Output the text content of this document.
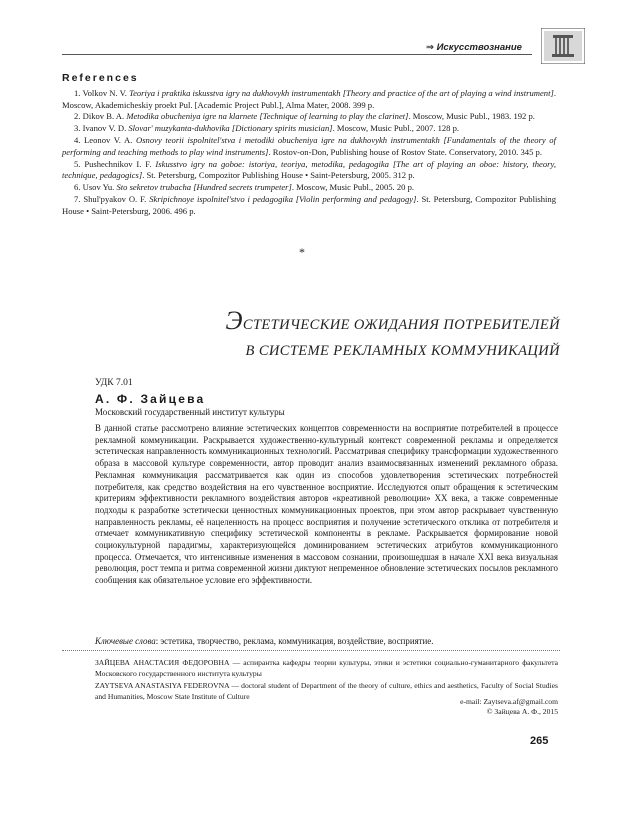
⇒ Искусствознание
References

1. Volkov N. V. Teoriya i praktika iskusstva igry na dukhovykh instrumentakh [Theory and practice of the art of playing a wind instrument]. Moscow, Akademicheskiy proekt Pul. [Academic Project Publ.], Alma Mater, 2008. 399 p.

2. Dikov B. A. Metodika obucheniya igre na klarnete [Technique of learning to play the clarinet]. Moscow, Music Publ., 1983. 192 p.

3. Ivanov V. D. Slovar' muzykanta-dukhovika [Dictionary spirits musician]. Moscow, Music Publ., 2007. 128 p.

4. Leonov V. A. Osnovy teorii ispolnitel'stva i metodiki obucheniya igre na dukhovykh instrumentakh [Fundamentals of the theory of performing and teaching methods to play wind instruments]. Rostov-on-Don, Publishing house of Rostov State. Conservatory, 2010. 345 p.

5. Pushechnikov I. F. Iskusstvo igry na goboe: istoriya, teoriya, metodika, pedagogika [The art of playing an oboe: history, theory, technique, pedagogics]. St. Petersburg, Compozitor Publishing House • Saint-Petersburg, 2005. 312 p.

6. Usov Yu. Sto sekretov trubacha [Hundred secrets trumpeter]. Moscow, Music Publ., 2005. 20 p.

7. Shul'pyakov O. F. Skripichnoye ispolnitel'stvo i pedagogika [Violin performing and pedagogy]. St. Petersburg, Compozitor Publishing House • Saint-Petersburg, 2006. 496 p.

*
ЭСТЕТИЧЕСКИЕ ОЖИДАНИЯ ПОТРЕБИТЕЛЕЙ
В СИСТЕМЕ РЕКЛАМНЫХ КОММУНИКАЦИЙ
УДК 7.01
А. Ф. Зайцева
Московский государственный институт культуры
В данной статье рассмотрено влияние эстетических концептов современности на восприятие потребителей в процессе рекламной коммуникации. Раскрывается художественно-культурный контекст современной рекламы и определяется эстетическая направленность коммуникационных технологий. Рассматривая специфику трансформации художественного образа в массовой культуре современности, автор проводит анализ взаимосвязанных изменений рекламного образа. Рекламная коммуникация рассматривается как один из способов удовлетворения эстетических потребностей потребителя, как средство воздействия на его чувственное восприятие. Исследуются опыт обращения к эстетическим критериям эффективности рекламного воздействия авторов «креативной революции» XX века, а также современные подходы к разработке эстетически ценностных коммуникационных проектов, при этом автор раскрывает чувственную направленность рекламы, её нацеленность на процесс восприятия и получение эстетического отклика от потребителя и отмечает коммуникативную специфику эстетической компоненты в рекламе. Раскрывается формирование новой социокультурной парадигмы, характеризующейся доминированием эстетических атрибутов коммуникационного процесса. Отмечается, что интенсивные изменения в массовом сознании, произошедшая в начале XXI века визуальная революция, рост темпа и ритма современной жизни диктуют непременное обновление эстетических посылов рекламного сообщения как обязательное условие его эффективности.
Ключевые слова: эстетика, творчество, реклама, коммуникация, воздействие, восприятие.

ЗАЙЦЕВА АНАСТАСИЯ ФЕДОРОВНА — аспирантка кафедры теории культуры, этики и эстетики социально-гуманитарного факультета Московского государственного института культуры

ZAYTSEVA ANASTASIYA FEDEROVNA — doctoral student of Department of the theory of culture, ethics and aesthetics, Faculty of Social Studies and Humanities, Moscow State Institute of Culture

e-mail: Zaytseva.af@gmail.com
© Зайцева А. Ф., 2015
265
